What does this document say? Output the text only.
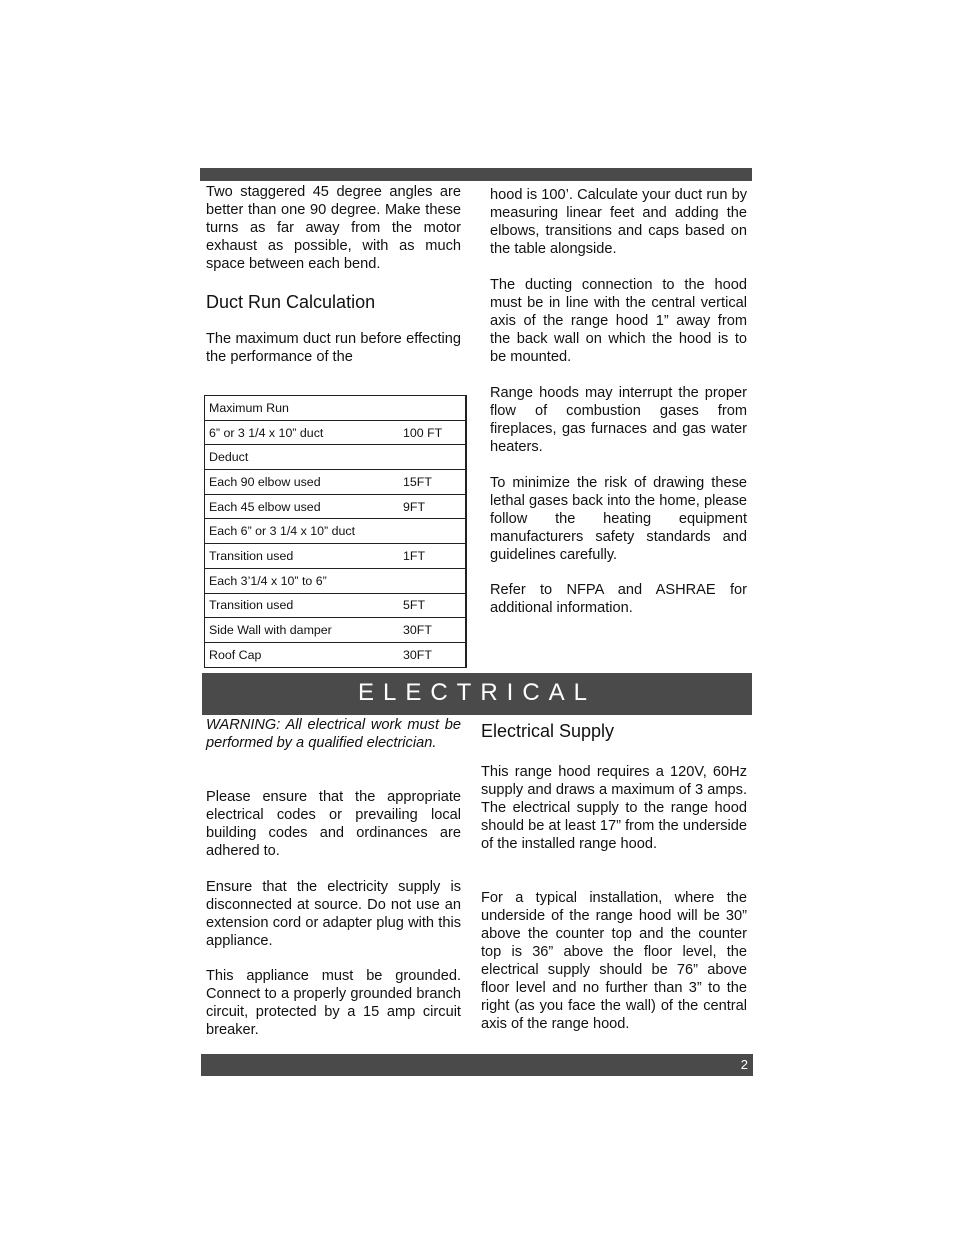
Two staggered 45 degree angles are better than one 90 degree. Make these turns as far away from the motor exhaust as possible, with as much space between each bend.

Duct Run Calculation

The maximum duct run before effecting the performance of the

Maximum Run	
6” or 3 1/4 x 10” duct	100 FT
Deduct	
Each 90 elbow used	15FT
Each 45 elbow used	9FT
Each 6” or 3 1/4 x 10” duct	
Transition used	1FT
Each 3’1/4 x 10” to 6”	
Transition used	5FT
Side Wall with damper	30FT
Roof Cap	30FT

hood is 100’. Calculate your duct run by measuring linear feet and adding the elbows, transitions and caps based on the table alongside.

The ducting connection to the hood must be in line with the central vertical axis of the range hood 1” away from the back wall on which the hood is to be mounted.

Range hoods may interrupt the proper flow of combustion gases from fireplaces, gas furnaces and gas water heaters.

To minimize the risk of drawing these lethal gases back into the home, please follow the heating equipment manufacturers safety standards and guidelines carefully.

Refer to NFPA and ASHRAE for additional information.

ELECTRICAL

WARNING: All electrical work must be performed by a qualified electrician.

Please ensure that the appropriate electrical codes or prevailing local building codes and ordinances are adhered to.

Ensure that the electricity supply is disconnected at source. Do not use an extension cord or adapter plug with this appliance.

This appliance must be grounded. Connect to a properly grounded branch circuit, protected by a 15 amp circuit breaker.

Electrical Supply

This range hood requires a 120V, 60Hz supply and draws a maximum of 3 amps. The electrical supply to the range hood should be at least 17” from the underside of the installed range hood.

For a typical installation, where the underside of the range hood will be 30” above the counter top and the counter top is 36” above the floor level, the electrical supply should be 76” above floor level and no further than 3” to the right (as you face the wall) of the central axis of the range hood.

2
